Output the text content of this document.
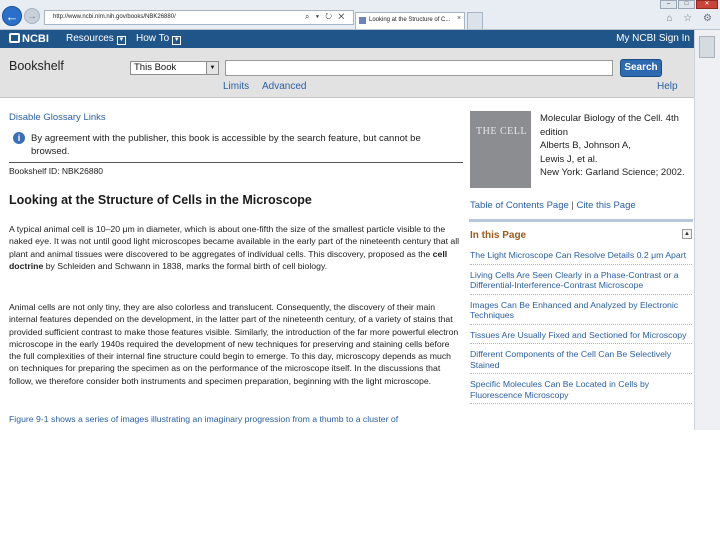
← →	http://www.ncbi.nlm.nih.gov/books/NBK26880/	⌕ ▾ ↻ ✕	Looking at the Structure of C... ×
–	□	✕
⌂ ☆ ⚙
NCBI Resources ▼ How To ▼	My NCBI Sign In
Bookshelf	This Book	▼	Search
Limits Advanced	Help
Disable Glossary Links
i	By agreement with the publisher, this book is accessible by the search feature, but cannot be browsed.
Bookshelf ID: NBK26880
Looking at the Structure of Cells in the Microscope

A typical animal cell is 10–20 μm in diameter, which is about one-fifth the size of the smallest particle visible to the naked eye. It was not until good light microscopes became available in the early part of the nineteenth century that all plant and animal tissues were discovered to be aggregates of individual cells. This discovery, proposed as the cell doctrine by Schleiden and Schwann in 1838, marks the formal birth of cell biology.

Animal cells are not only tiny, they are also colorless and translucent. Consequently, the discovery of their main internal features depended on the development, in the latter part of the nineteenth century, of a variety of stains that provided sufficient contrast to make those features visible. Similarly, the introduction of the far more powerful electron microscope in the early 1940s required the development of new techniques for preserving and staining cells before the full complexities of their internal fine structure could begin to emerge. To this day, microscopy depends as much on techniques for preparing the specimen as on the performance of the microscope itself. In the discussions that follow, we therefore consider both instruments and specimen preparation, beginning with the light microscope.

Figure 9-1 shows a series of images illustrating an imaginary progression from a thumb to a cluster of

THE CELL
Molecular Biology of the Cell. 4th edition
Alberts B, Johnson A,
Lewis J, et al.
New York: Garland Science; 2002.
Table of Contents Page | Cite this Page
In this Page	▲
The Light Microscope Can Resolve Details 0.2 μm Apart
Living Cells Are Seen Clearly in a Phase-Contrast or a Differential-Interference-Contrast Microscope
Images Can Be Enhanced and Analyzed by Electronic Techniques
Tissues Are Usually Fixed and Sectioned for Microscopy
Different Components of the Cell Can Be Selectively Stained
Specific Molecules Can Be Located in Cells by Fluorescence Microscopy
